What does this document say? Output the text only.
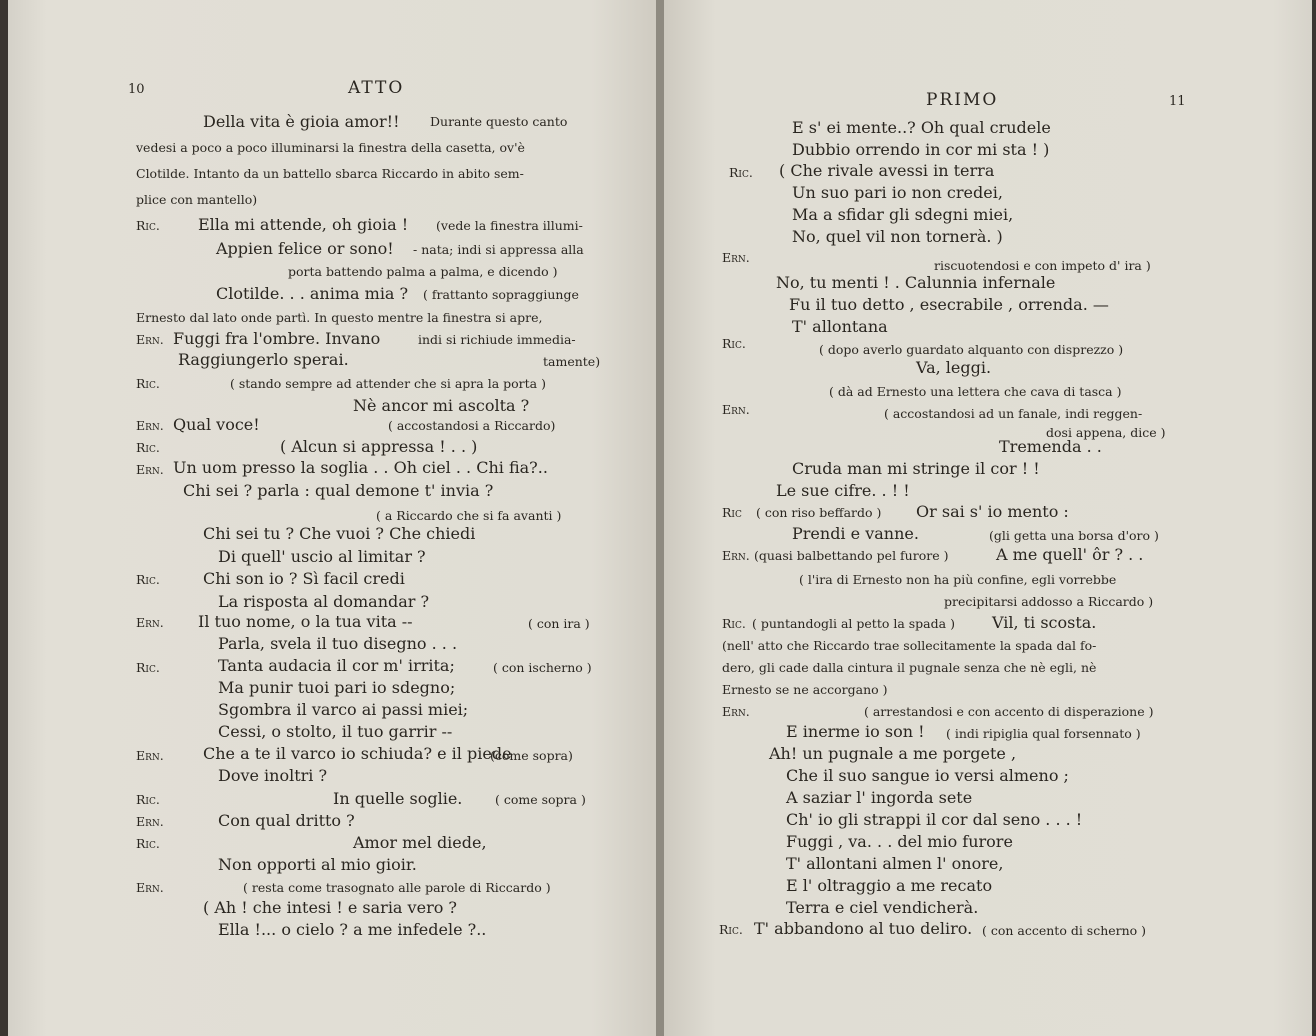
10	ATTO
Della vita è gioia amor!! Durante questo canto
vedesi a poco a poco illuminarsi la finestra della casetta, ov'è
Clotilde. Intanto da un battello sbarca Riccardo in abito sem-
plice con mantello)
Ric. Ella mi attende, oh gioia ! (vede la finestra illumi-
Appien felice or sono! - nata; indi si appressa alla
porta battendo palma a palma, e dicendo )
Clotilde. . . anima mia ? ( frattanto sopraggiunge
Ernesto dal lato onde partì. In questo mentre la finestra si apre,
Ern. Fuggi fra l'ombre. Invano	indi si richiude immedia-
Raggiungerlo sperai.	tamente)
Ric.	( stando sempre ad attender che si apra la porta )
Nè ancor mi ascolta ?
Ern. Qual voce!	( accostandosi a Riccardo)
Ric.	( Alcun si appressa ! . . )
Ern. Un uom presso la soglia . . Oh ciel . . Chi fia?..
Chi sei ? parla : qual demone t' invia ?
( a Riccardo che si fa avanti )
Chi sei tu ? Che vuoi ? Che chiedi
Di quell' uscio al limitar ?
Ric.	Chi son io ? Sì facil credi
La risposta al domandar ?
Ern. Il tuo nome, o la tua vita --	( con ira )
Parla, svela il tuo disegno . . .
Ric.	Tanta audacia il cor m' irrita;	( con ischerno )
Ma punir tuoi pari io sdegno;
Sgombra il varco ai passi miei;
Cessi, o stolto, il tuo garrir --
Ern. Che a te il varco io schiuda? e il piede
(come sopra)
Dove inoltri ?
Ric.	In quelle soglie.	( come sopra )
Ern.	Con qual dritto ?
Ric.	Amor mel diede,
Non opporti al mio gioir.
Ern.	( resta come trasognato alle parole di Riccardo )
( Ah ! che intesi ! e saria vero ?
Ella !... o cielo ? a me infedele ?..
PRIMO	11
E s' ei mente..? Oh qual crudele
Dubbio orrendo in cor mi sta ! )
Ric. ( Che rivale avessi in terra
Un suo pari io non credei,
Ma a sfidar gli sdegni miei,
No, quel vil non tornerà. )
Ern.
riscuotendosi e con impeto d' ira )
No, tu menti ! . Calunnia infernale
Fu il tuo detto , esecrabile , orrenda. —
T' allontana
Ric.	( dopo averlo guardato alquanto con disprezzo )
Va, leggi.
( dà ad Ernesto una lettera che cava di tasca )
Ern.	( accostandosi ad un fanale, indi reggen-
dosi appena, dice )
Tremenda . .
Cruda man mi stringe il cor ! !
Le sue cifre. . ! !
Ric ( con riso beffardo ) Or sai s' io mento :
Prendi e vanne.	(gli getta una borsa d'oro )
Ern. (quasi balbettando pel furore )	A me quell' ôr ? . .
( l'ira di Ernesto non ha più confine, egli vorrebbe
precipitarsi addosso a Riccardo )
Ric. ( puntandogli al petto la spada ) Vil, ti scosta.
(nell' atto che Riccardo trae sollecitamente la spada dal fo-
dero, gli cade dalla cintura il pugnale senza che nè egli, nè
Ernesto se ne accorgano )
Ern.	( arrestandosi e con accento di disperazione )
E inerme io son ! ( indi ripiglia qual forsennato )
Ah! un pugnale a me porgete ,
Che il suo sangue io versi almeno ;
A saziar l' ingorda sete
Ch' io gli strappi il cor dal seno . . . !
Fuggi , va. . . del mio furore
T' allontani almen l' onore,
E l' oltraggio a me recato
Terra e ciel vendicherà.
Ric. T' abbandono al tuo deliro. ( con accento di scherno )
